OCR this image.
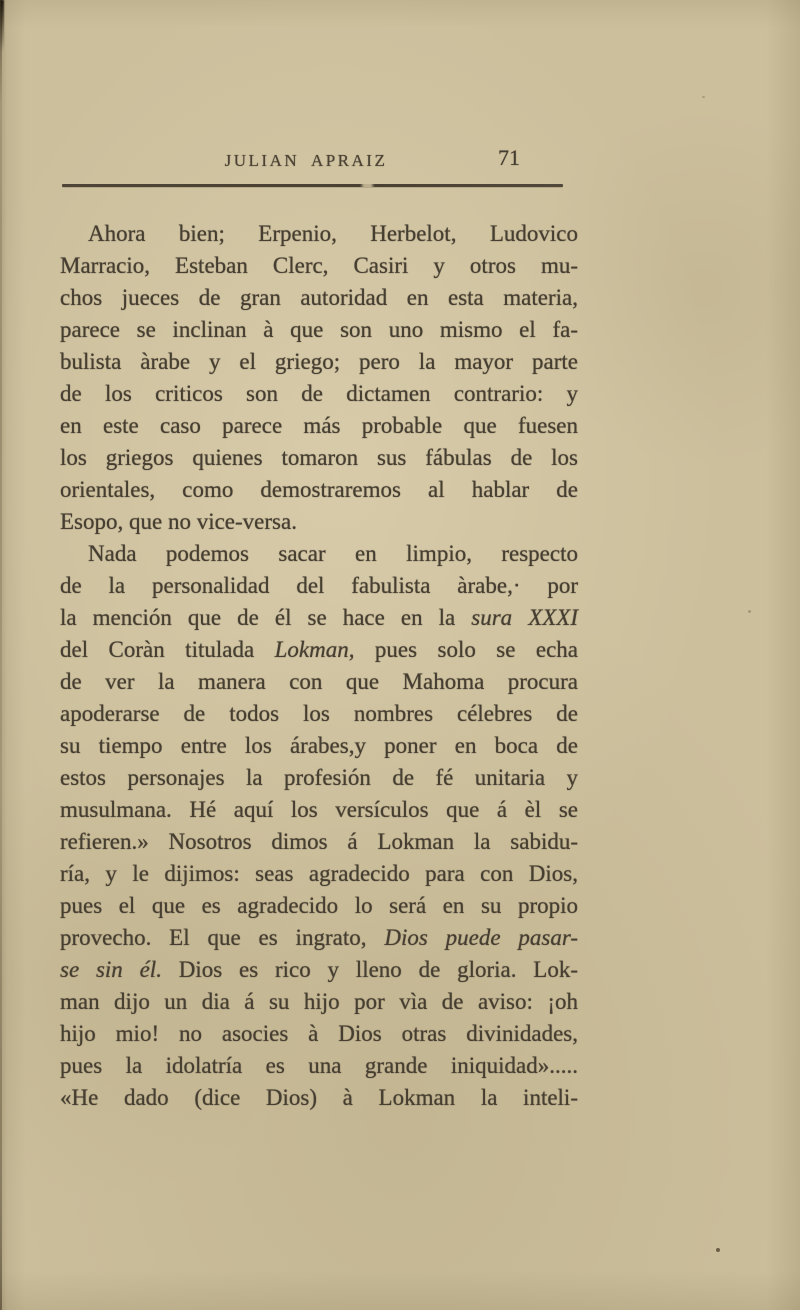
JULIAN APRAIZ	71
Ahora bien; Erpenio, Herbelot, Ludovico
Marracio, Esteban Clerc, Casiri y otros mu-
chos jueces de gran autoridad en esta materia,
parece se inclinan à que son uno mismo el fa-
bulista àrabe y el griego; pero la mayor parte
de los criticos son de dictamen contrario: y
en este caso parece más probable que fuesen
los griegos quienes tomaron sus fábulas de los
orientales, como demostraremos al hablar de
Esopo, que no vice-versa.
Nada podemos sacar en limpio, respecto
de la personalidad del fabulista àrabe,· por
la mención que de él se hace en la sura XXXI
del Coràn titulada Lokman, pues solo se echa
de ver la manera con que Mahoma procura
apoderarse de todos los nombres célebres de
su tiempo entre los árabes,y poner en boca de
estos personajes la profesión de fé unitaria y
musulmana. Hé aquí los versículos que á èl se
refieren.» Nosotros dimos á Lokman la sabidu-
ría, y le dijimos: seas agradecido para con Dios,
pues el que es agradecido lo será en su propio
provecho. El que es ingrato, Dios puede pasar-
se sin él. Dios es rico y lleno de gloria. Lok-
man dijo un dia á su hijo por vìa de aviso: ¡oh
hijo mio! no asocies à Dios otras divinidades,
pues la idolatría es una grande iniquidad».....
«He dado (dice Dios) à Lokman la inteli-
